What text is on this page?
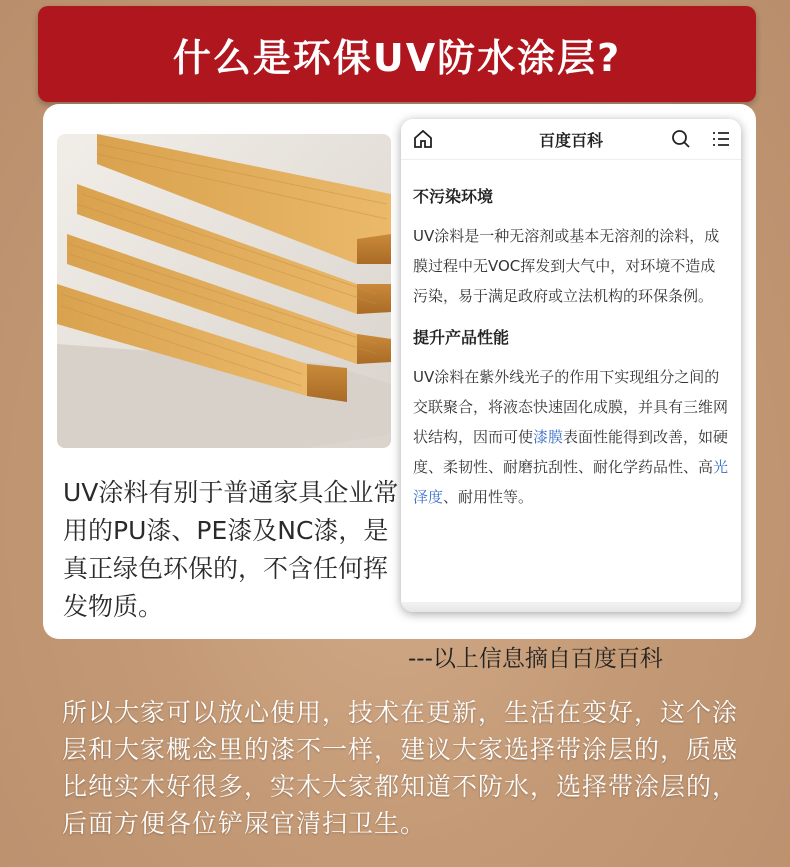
什么是环保UV防水涂层?
UV涂料有别于普通家具企业常用的PU漆、PE漆及NC漆，是真正绿色环保的，不含任何挥发物质。
百度百科
不污染环境
UV涂料是一种无溶剂或基本无溶剂的涂料，成膜过程中无VOC挥发到大气中，对环境不造成污染，易于满足政府或立法机构的环保条例。
提升产品性能
UV涂料在紫外线光子的作用下实现组分之间的交联聚合，将液态快速固化成膜，并具有三维网状结构，因而可使漆膜表面性能得到改善，如硬度、柔韧性、耐磨抗刮性、耐化学药品性、高光泽度、耐用性等。
---以上信息摘自百度百科
所以大家可以放心使用，技术在更新，生活在变好，这个涂层和大家概念里的漆不一样，建议大家选择带涂层的，质感比纯实木好很多，实木大家都知道不防水，选择带涂层的，后面方便各位铲屎官清扫卫生。
